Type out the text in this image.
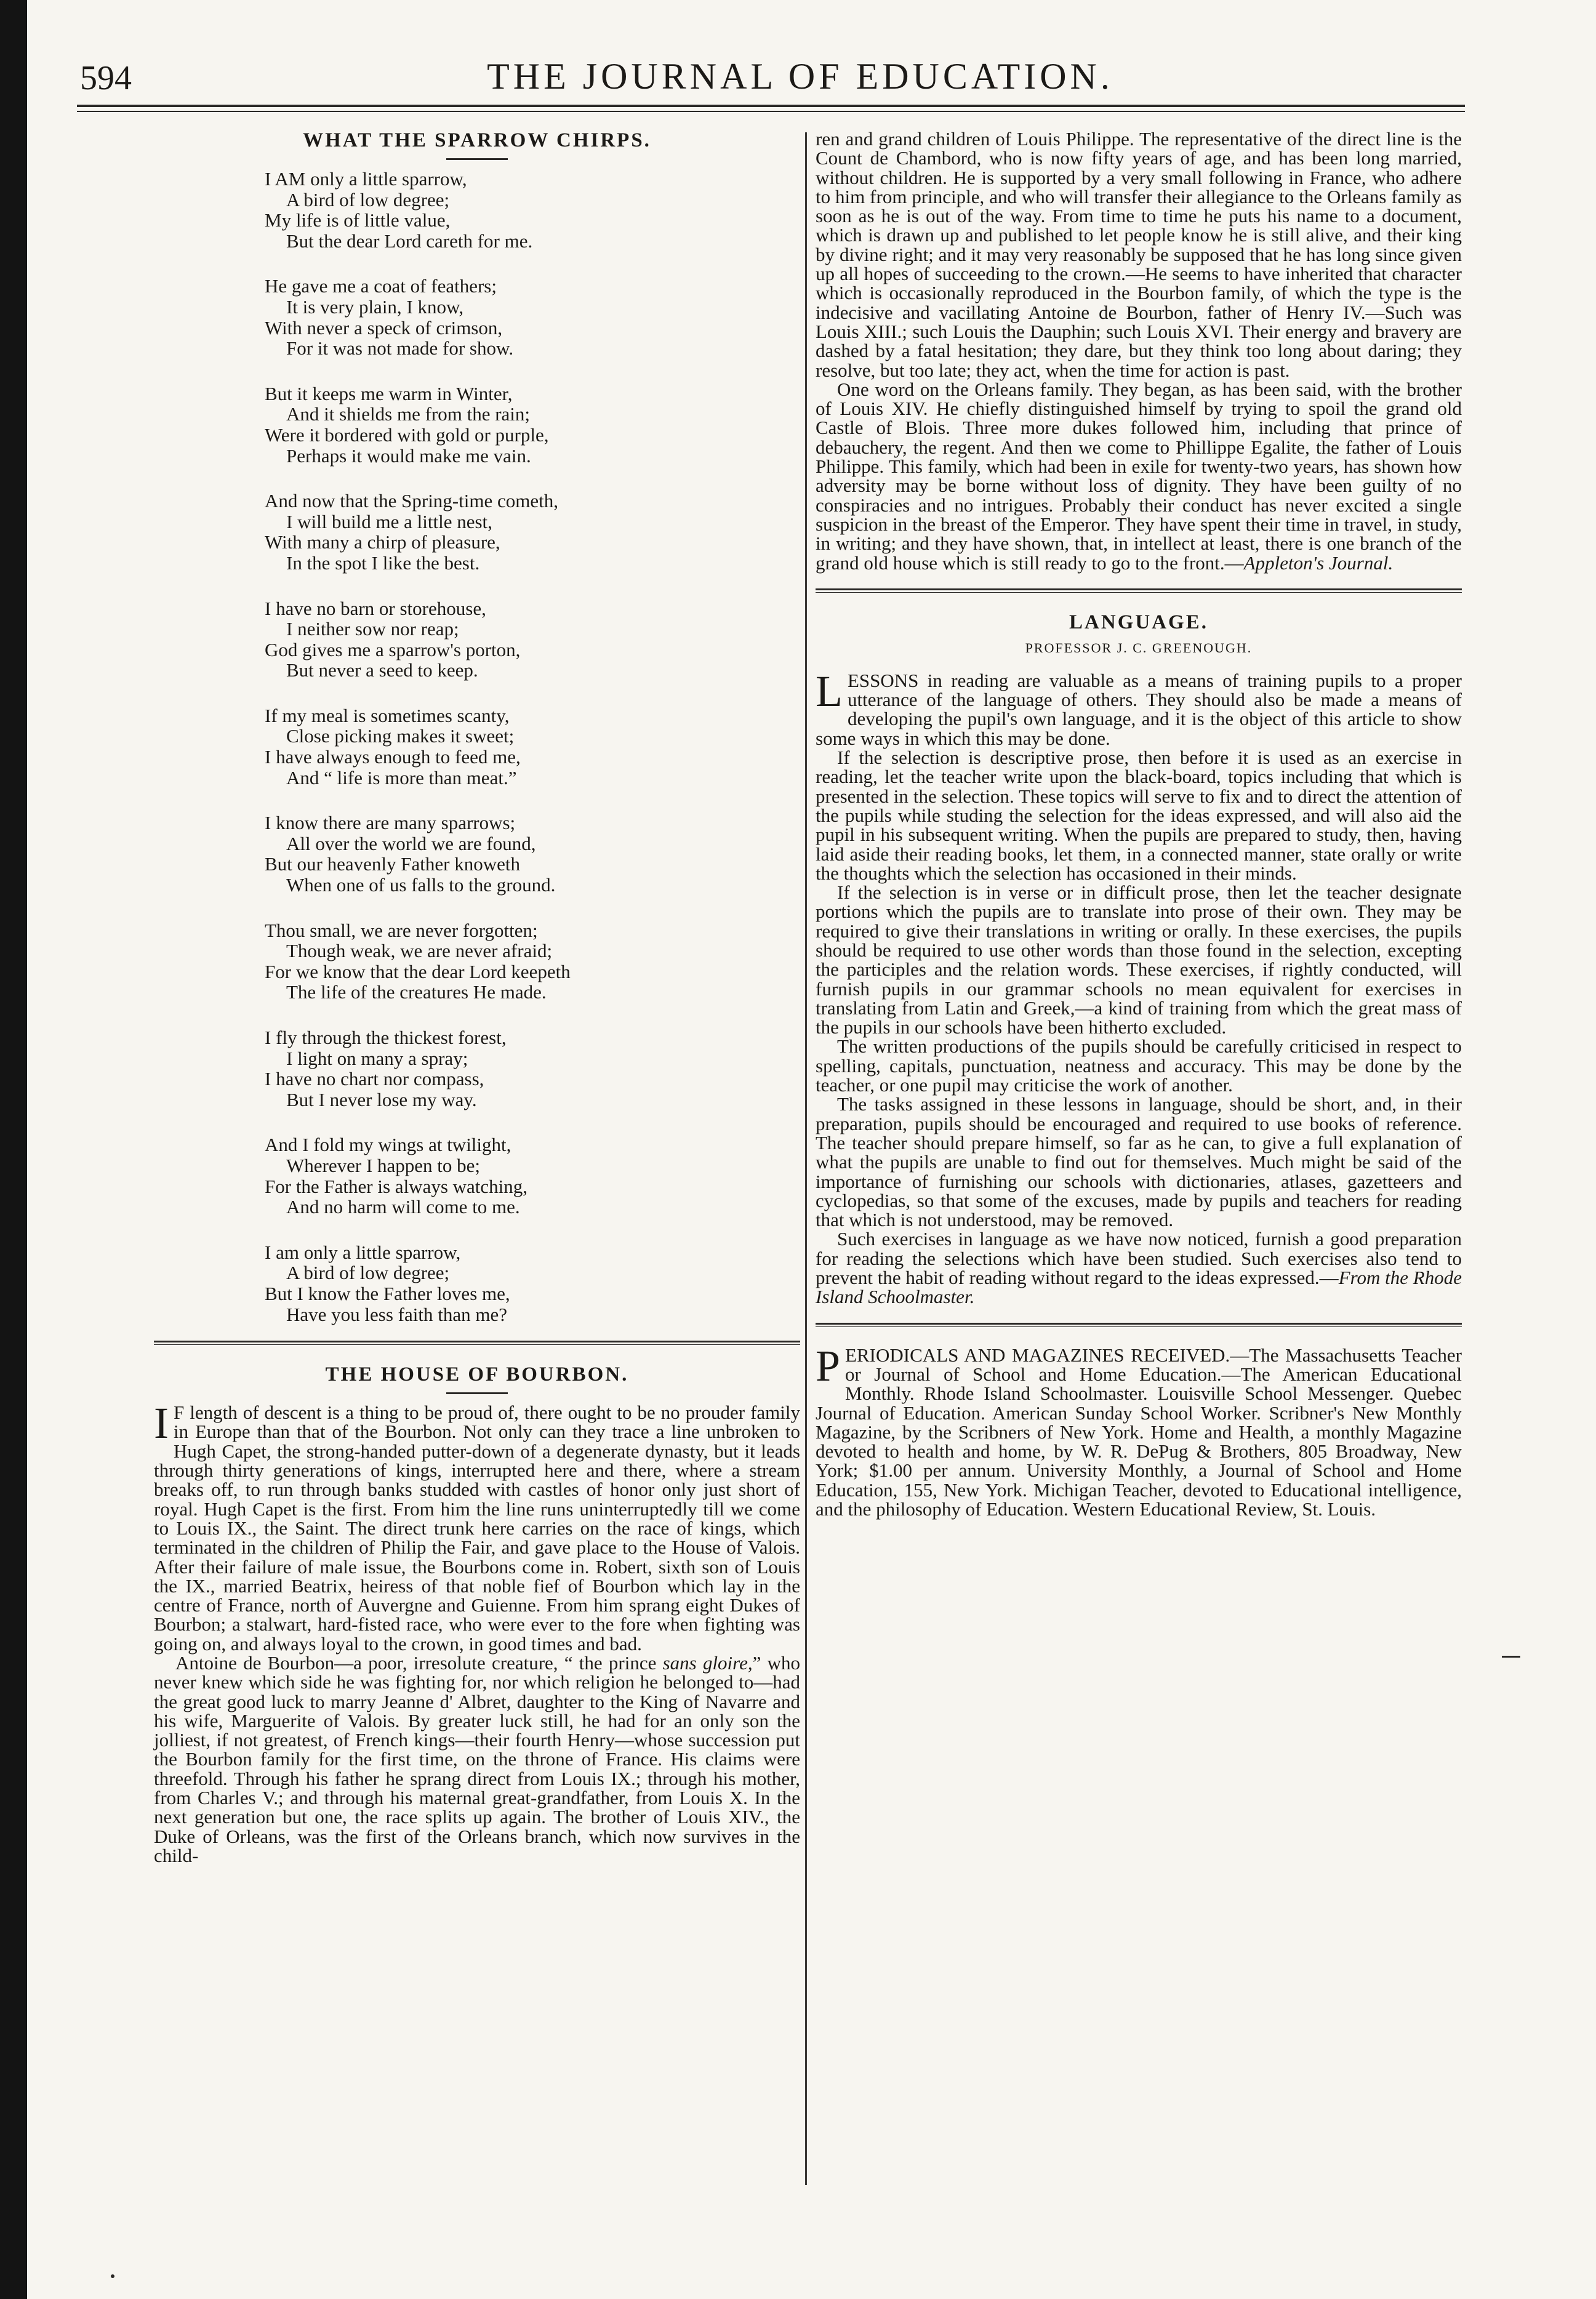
594	THE JOURNAL OF EDUCATION.
WHAT THE SPARROW CHIRPS.

I AM only a little sparrow,

A bird of low degree;

My life is of little value,

But the dear Lord careth for me.

He gave me a coat of feathers;

It is very plain, I know,

With never a speck of crimson,

For it was not made for show.

But it keeps me warm in Winter,

And it shields me from the rain;

Were it bordered with gold or purple,

Perhaps it would make me vain.

And now that the Spring-time cometh,

I will build me a little nest,

With many a chirp of pleasure,

In the spot I like the best.

I have no barn or storehouse,

I neither sow nor reap;

God gives me a sparrow's porton,

But never a seed to keep.

If my meal is sometimes scanty,

Close picking makes it sweet;

I have always enough to feed me,

And “ life is more than meat.”

I know there are many sparrows;

All over the world we are found,

But our heavenly Father knoweth

When one of us falls to the ground.

Thou small, we are never forgotten;

Though weak, we are never afraid;

For we know that the dear Lord keepeth

The life of the creatures He made.

I fly through the thickest forest,

I light on many a spray;

I have no chart nor compass,

But I never lose my way.

And I fold my wings at twilight,

Wherever I happen to be;

For the Father is always watching,

And no harm will come to me.

I am only a little sparrow,

A bird of low degree;

But I know the Father loves me,

Have you less faith than me?

THE HOUSE OF BOURBON.

I F length of descent is a thing to be proud of, there ought to be no prouder family in Europe than that of the Bourbon. Not only can they trace a line unbroken to Hugh Capet, the strong-handed putter-down of a degenerate dynasty, but it leads through thirty generations of kings, interrupted here and there, where a stream breaks off, to run through banks studded with castles of honor only just short of royal. Hugh Capet is the first. From him the line runs uninterruptedly till we come to Louis IX., the Saint. The direct trunk here carries on the race of kings, which terminated in the children of Philip the Fair, and gave place to the House of Valois. After their failure of male issue, the Bourbons come in. Robert, sixth son of Louis the IX., married Beatrix, heiress of that noble fief of Bourbon which lay in the centre of France, north of Auvergne and Guienne. From him sprang eight Dukes of Bourbon; a stalwart, hard-fisted race, who were ever to the fore when fighting was going on, and always loyal to the crown, in good times and bad.

Antoine de Bourbon—a poor, irresolute creature, “ the prince sans gloire,” who never knew which side he was fighting for, nor which religion he belonged to—had the great good luck to marry Jeanne d' Albret, daughter to the King of Navarre and his wife, Marguerite of Valois. By greater luck still, he had for an only son the jolliest, if not greatest, of French kings—their fourth Henry—whose succession put the Bourbon family for the first time, on the throne of France. His claims were threefold. Through his father he sprang direct from Louis IX.; through his mother, from Charles V.; and through his maternal great-grandfather, from Louis X. In the next generation but one, the race splits up again. The brother of Louis XIV., the Duke of Orleans, was the first of the Orleans branch, which now survives in the child-

ren and grand children of Louis Philippe. The representative of the direct line is the Count de Chambord, who is now fifty years of age, and has been long married, without children. He is supported by a very small following in France, who adhere to him from principle, and who will transfer their allegiance to the Orleans family as soon as he is out of the way. From time to time he puts his name to a document, which is drawn up and published to let people know he is still alive, and their king by divine right; and it may very reasonably be supposed that he has long since given up all hopes of succeeding to the crown.—He seems to have inherited that character which is occasionally reproduced in the Bourbon family, of which the type is the indecisive and vacillating Antoine de Bourbon, father of Henry IV.—Such was Louis XIII.; such Louis the Dauphin; such Louis XVI. Their energy and bravery are dashed by a fatal hesitation; they dare, but they think too long about daring; they resolve, but too late; they act, when the time for action is past.

One word on the Orleans family. They began, as has been said, with the brother of Louis XIV. He chiefly distinguished himself by trying to spoil the grand old Castle of Blois. Three more dukes followed him, including that prince of debauchery, the regent. And then we come to Phillippe Egalite, the father of Louis Philippe. This family, which had been in exile for twenty-two years, has shown how adversity may be borne without loss of dignity. They have been guilty of no conspiracies and no intrigues. Probably their conduct has never excited a single suspicion in the breast of the Emperor. They have spent their time in travel, in study, in writing; and they have shown, that, in intellect at least, there is one branch of the grand old house which is still ready to go to the front.—Appleton's Journal.

LANGUAGE.
PROFESSOR J. C. GREENOUGH.

LESSONS in reading are valuable as a means of training pupils to a proper utterance of the language of others. They should also be made a means of developing the pupil's own language, and it is the object of this article to show some ways in which this may be done.

If the selection is descriptive prose, then before it is used as an exercise in reading, let the teacher write upon the black-board, topics including that which is presented in the selection. These topics will serve to fix and to direct the attention of the pupils while studing the selection for the ideas expressed, and will also aid the pupil in his subsequent writing. When the pupils are prepared to study, then, having laid aside their reading books, let them, in a connected manner, state orally or write the thoughts which the selection has occasioned in their minds.

If the selection is in verse or in difficult prose, then let the teacher designate portions which the pupils are to translate into prose of their own. They may be required to give their translations in writing or orally. In these exercises, the pupils should be required to use other words than those found in the selection, excepting the participles and the relation words. These exercises, if rightly conducted, will furnish pupils in our grammar schools no mean equivalent for exercises in translating from Latin and Greek,—a kind of training from which the great mass of the pupils in our schools have been hitherto excluded.

The written productions of the pupils should be carefully criticised in respect to spelling, capitals, punctuation, neatness and accuracy. This may be done by the teacher, or one pupil may criticise the work of another.

The tasks assigned in these lessons in language, should be short, and, in their preparation, pupils should be encouraged and required to use books of reference. The teacher should prepare himself, so far as he can, to give a full explanation of what the pupils are unable to find out for themselves. Much might be said of the importance of furnishing our schools with dictionaries, atlases, gazetteers and cyclopedias, so that some of the excuses, made by pupils and teachers for reading that which is not understood, may be removed.

Such exercises in language as we have now noticed, furnish a good preparation for reading the selections which have been studied. Such exercises also tend to prevent the habit of reading without regard to the ideas expressed.—From the Rhode Island Schoolmaster.

PERIODICALS AND MAGAZINES RECEIVED.—The Massachusetts Teacher or Journal of School and Home Education.—The American Educational Monthly. Rhode Island Schoolmaster. Louisville School Messenger. Quebec Journal of Education. American Sunday School Worker. Scribner's New Monthly Magazine, by the Scribners of New York. Home and Health, a monthly Magazine devoted to health and home, by W. R. DePug & Brothers, 805 Broadway, New York; $1.00 per annum. University Monthly, a Journal of School and Home Education, 155, New York. Michigan Teacher, devoted to Educational intelligence, and the philosophy of Education. Western Educational Review, St. Louis.
